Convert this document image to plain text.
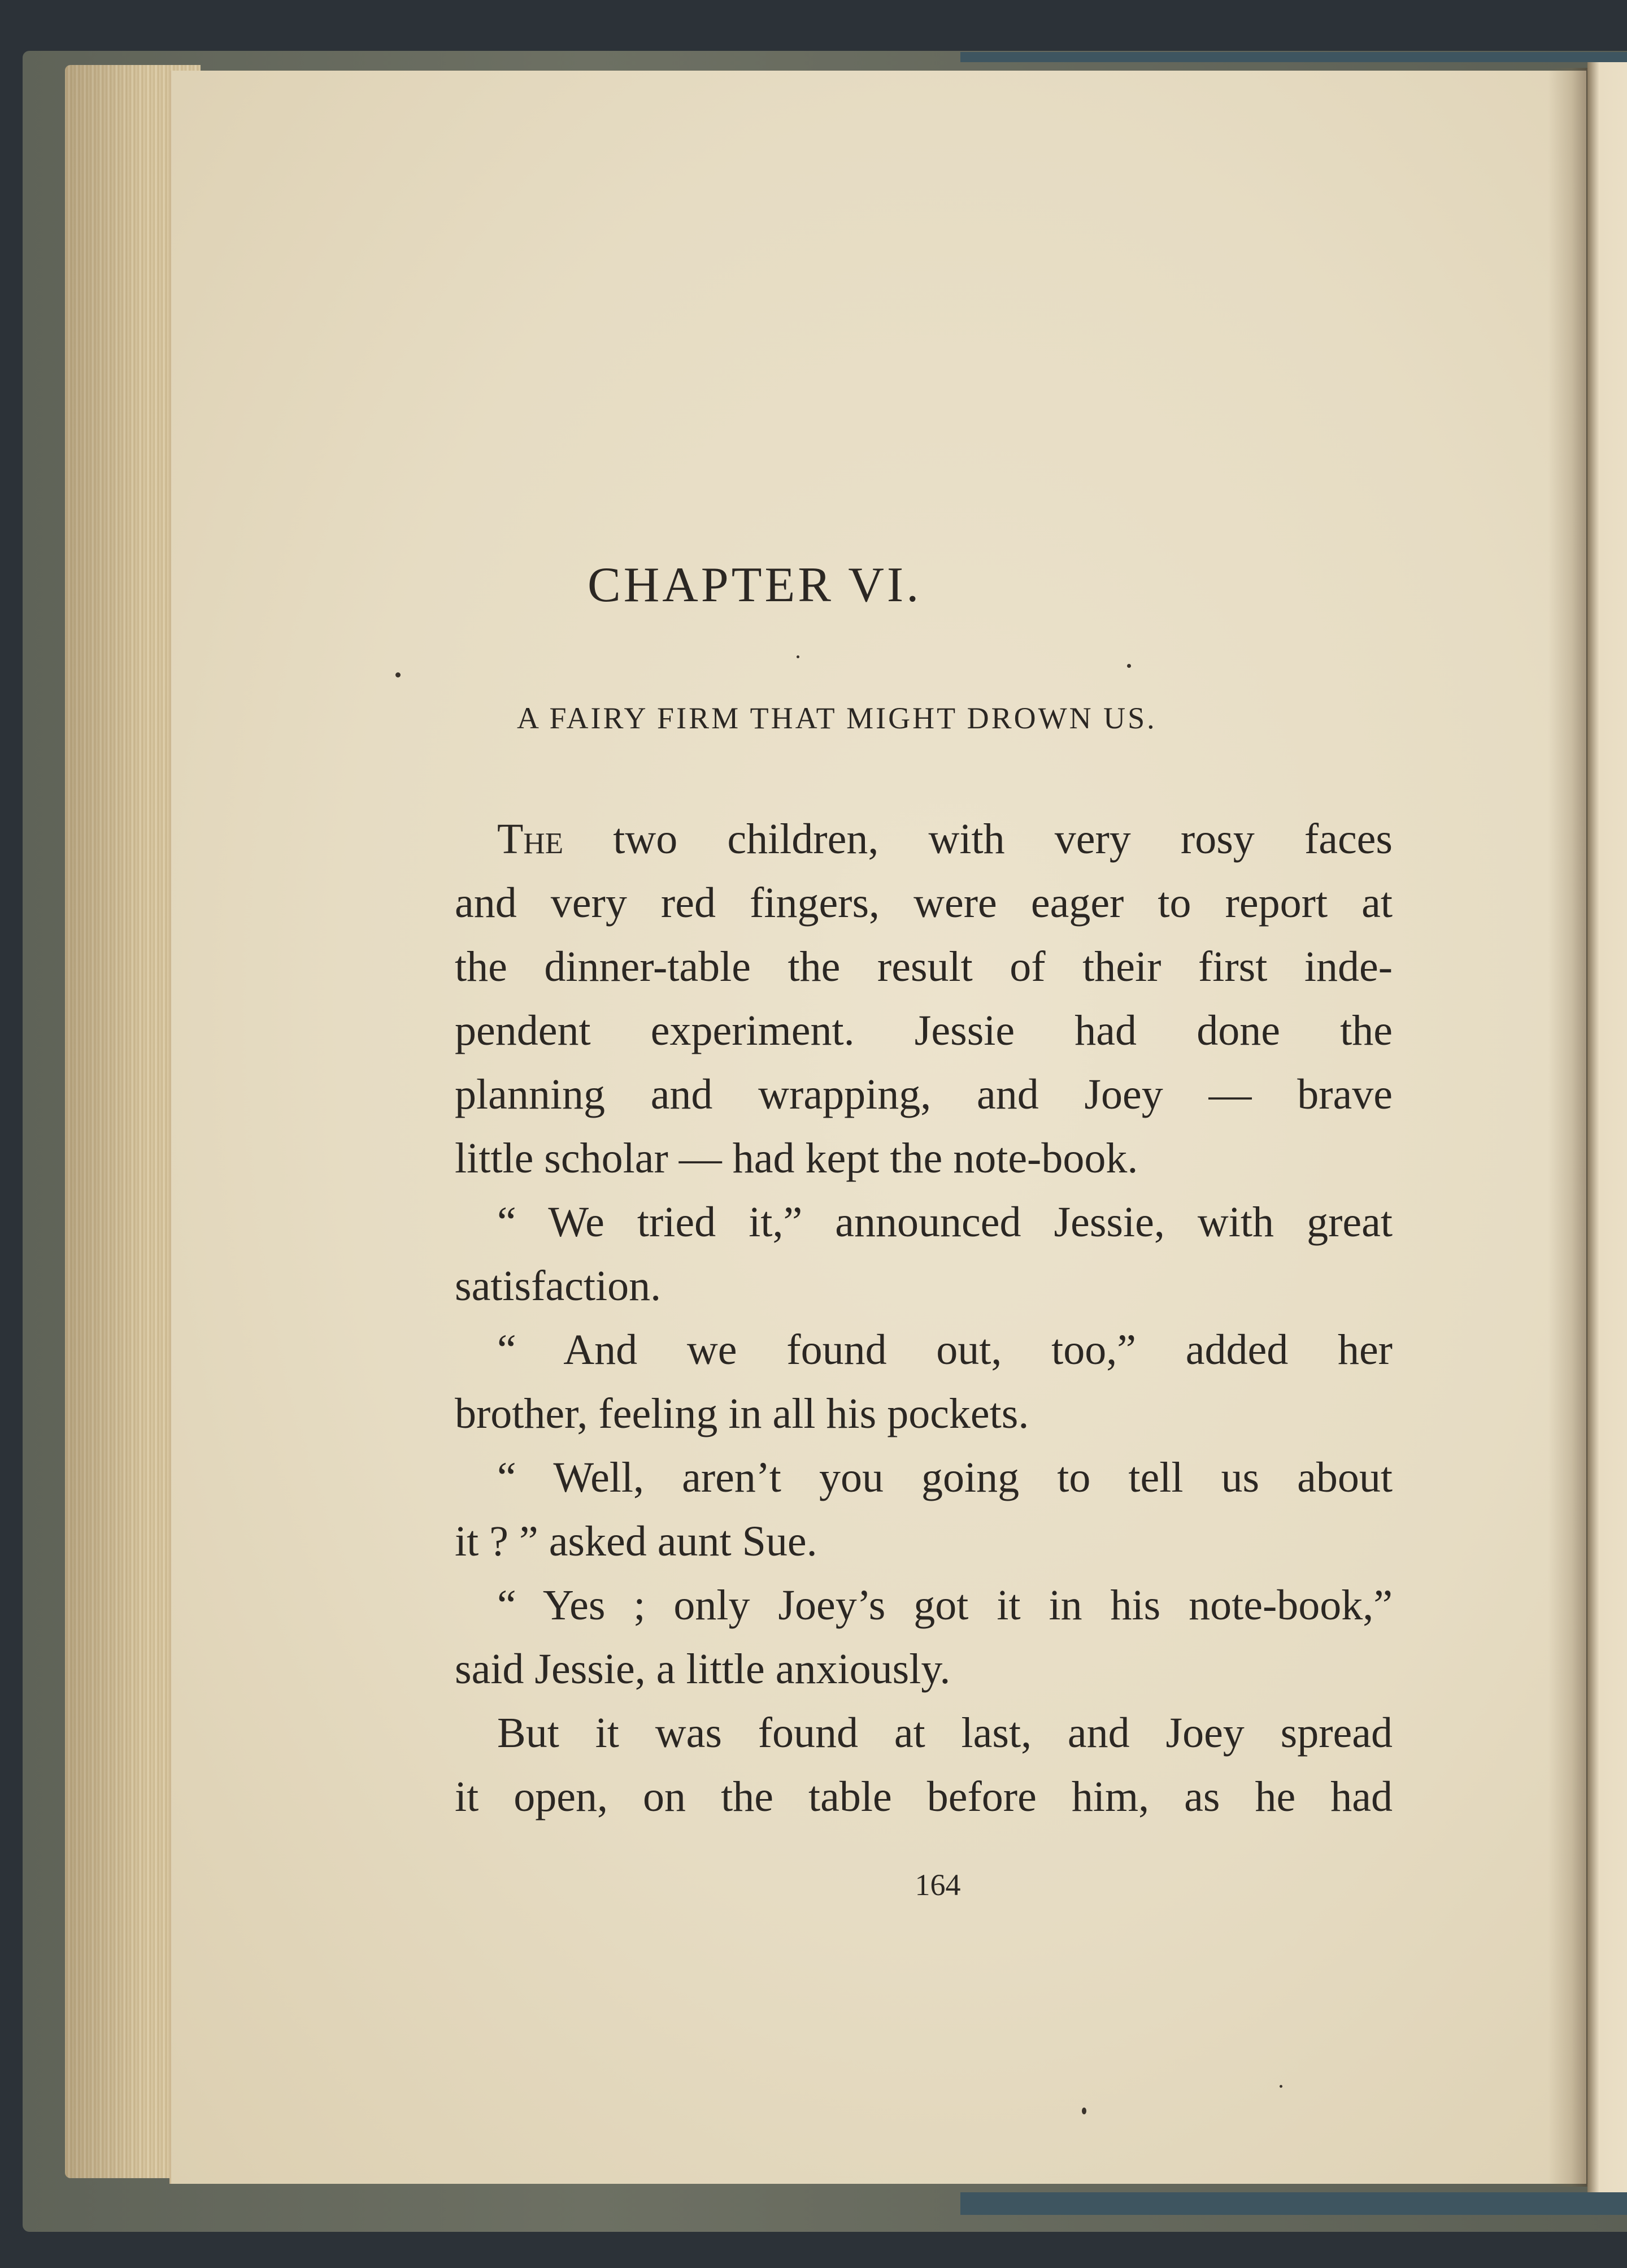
CHAPTER VI.
A FAIRY FIRM THAT MIGHT DROWN US.
The two children, with very rosy faces
and very red fingers, were eager to report at
the dinner-table the result of their first inde-
pendent experiment. Jessie had done the
planning and wrapping, and Joey — brave
little scholar — had kept the note-book.
“ We tried it,” announced Jessie, with great
satisfaction.
“ And we found out, too,” added her
brother, feeling in all his pockets.
“ Well, aren’t you going to tell us about
it ? ” asked aunt Sue.
“ Yes ; only Joey’s got it in his note-book,”
said Jessie, a little anxiously.
But it was found at last, and Joey spread
it open, on the table before him, as he had
164
